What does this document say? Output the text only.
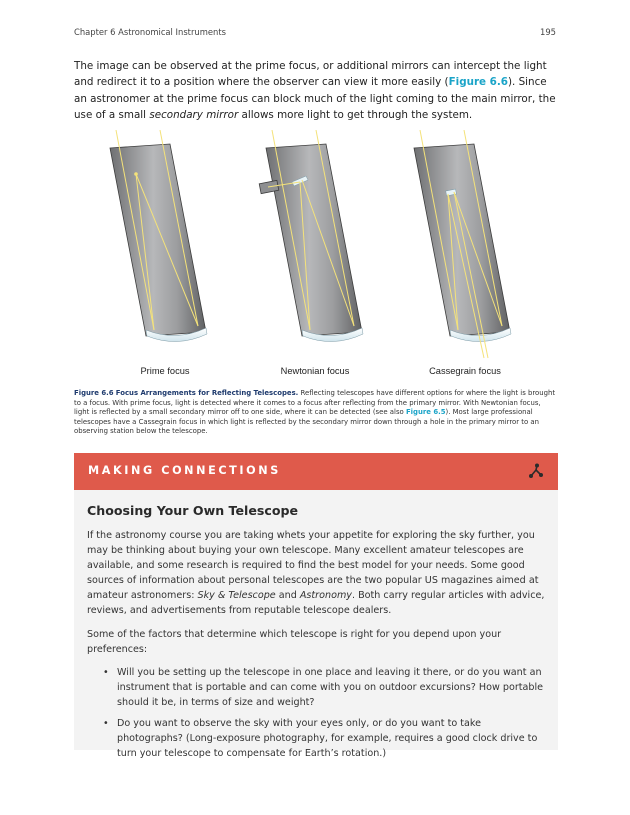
Chapter 6 Astronomical Instruments	195

The image can be observed at the prime focus, or additional mirrors can intercept the light and redirect it to a position where the observer can view it more easily (Figure 6.6). Since an astronomer at the prime focus can block much of the light coming to the main mirror, the use of a small secondary mirror allows more light to get through the system.

Prime focus	Newtonian focus	Cassegrain focus

Figure 6.6 Focus Arrangements for Reflecting Telescopes. Reflecting telescopes have different options for where the light is brought to a focus. With prime focus, light is detected where it comes to a focus after reflecting from the primary mirror. With Newtonian focus, light is reflected by a small secondary mirror off to one side, where it can be detected (see also Figure 6.5). Most large professional telescopes have a Cassegrain focus in which light is reflected by the secondary mirror down through a hole in the primary mirror to an observing station below the telescope.

MAKING CONNECTIONS
Choosing Your Own Telescope

If the astronomy course you are taking whets your appetite for exploring the sky further, you may be thinking about buying your own telescope. Many excellent amateur telescopes are available, and some research is required to find the best model for your needs. Some good sources of information about personal telescopes are the two popular US magazines aimed at amateur astronomers: Sky & Telescope and Astronomy. Both carry regular articles with advice, reviews, and advertisements from reputable telescope dealers.

Some of the factors that determine which telescope is right for you depend upon your preferences:

• Will you be setting up the telescope in one place and leaving it there, or do you want an instrument that is portable and can come with you on outdoor excursions? How portable should it be, in terms of size and weight?
• Do you want to observe the sky with your eyes only, or do you want to take photographs? (Long-exposure photography, for example, requires a good clock drive to turn your telescope to compensate for Earth’s rotation.)
